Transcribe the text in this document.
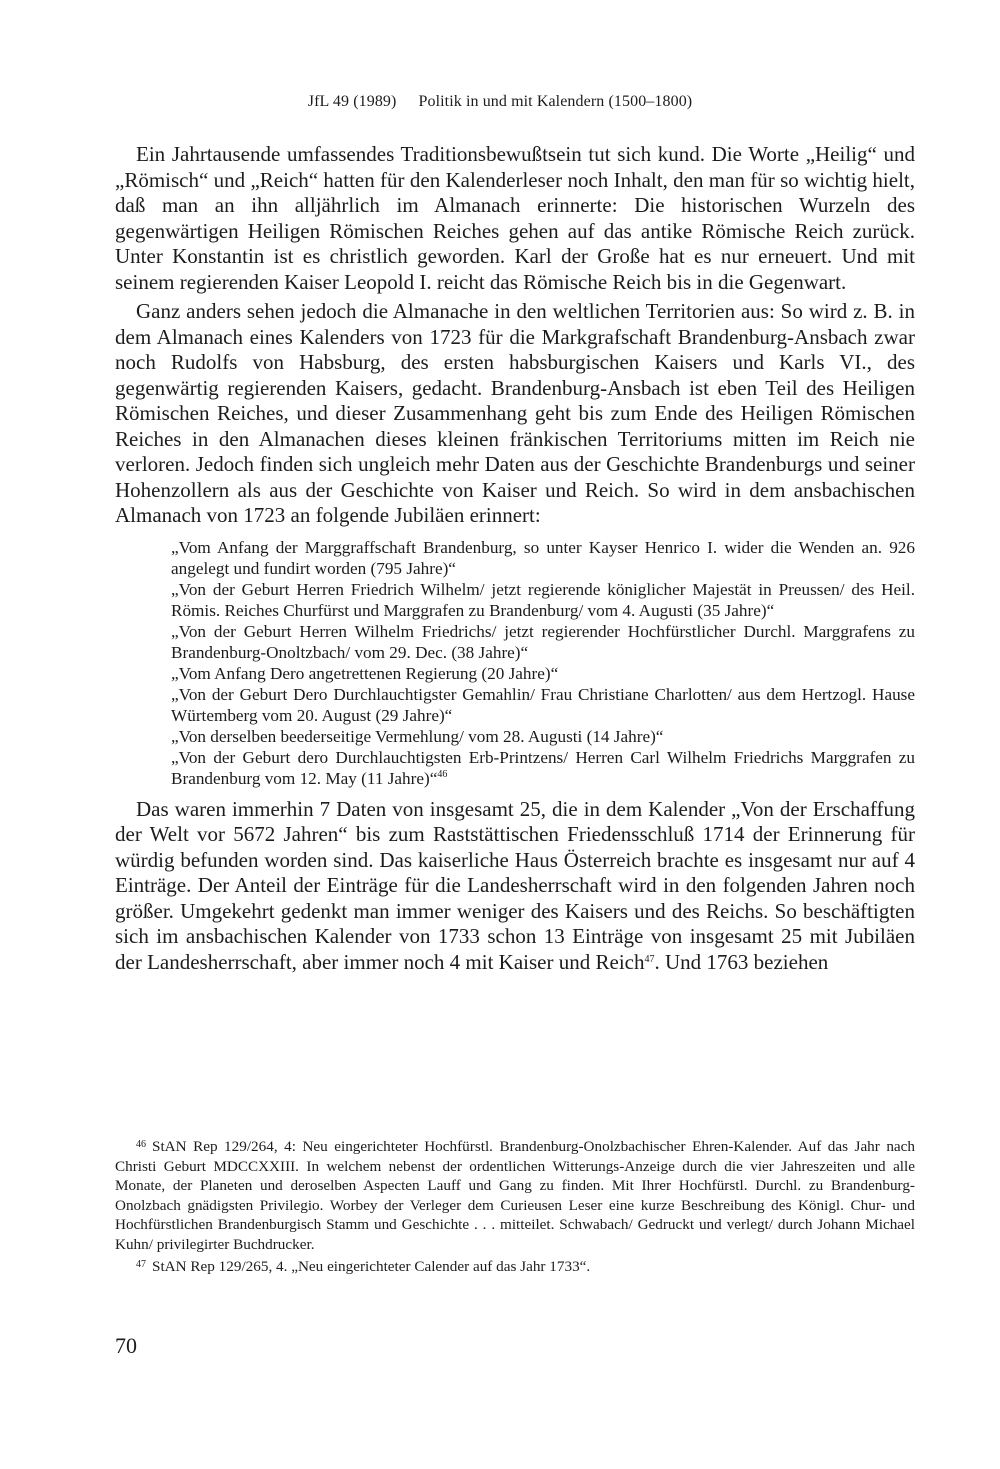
JfL 49 (1989) Politik in und mit Kalendern (1500–1800)

Ein Jahrtausende umfassendes Traditionsbewußtsein tut sich kund. Die Worte „Heilig“ und „Römisch“ und „Reich“ hatten für den Kalenderleser noch Inhalt, den man für so wichtig hielt, daß man an ihn alljährlich im Almanach erinnerte: Die historischen Wurzeln des gegenwärtigen Heiligen Römischen Reiches gehen auf das antike Römische Reich zurück. Unter Konstantin ist es christlich geworden. Karl der Große hat es nur erneuert. Und mit seinem regierenden Kaiser Leopold I. reicht das Römische Reich bis in die Gegenwart.

Ganz anders sehen jedoch die Almanache in den weltlichen Territorien aus: So wird z. B. in dem Almanach eines Kalenders von 1723 für die Markgrafschaft Brandenburg-Ansbach zwar noch Rudolfs von Habsburg, des ersten habsburgischen Kaisers und Karls VI., des gegenwärtig regierenden Kaisers, gedacht. Brandenburg-Ansbach ist eben Teil des Heiligen Römischen Reiches, und dieser Zusammenhang geht bis zum Ende des Heiligen Römischen Reiches in den Almanachen dieses kleinen fränkischen Territoriums mitten im Reich nie verloren. Jedoch finden sich ungleich mehr Daten aus der Geschichte Brandenburgs und seiner Hohenzollern als aus der Geschichte von Kaiser und Reich. So wird in dem ansbachischen Almanach von 1723 an folgende Jubiläen erinnert:

„Vom Anfang der Marggraffschaft Brandenburg, so unter Kayser Henrico I. wider die Wenden an. 926 angelegt und fundirt worden (795 Jahre)“

„Von der Geburt Herren Friedrich Wilhelm/ jetzt regierende königlicher Majestät in Preussen/ des Heil. Römis. Reiches Churfürst und Marggrafen zu Brandenburg/ vom 4. Augusti (35 Jahre)“

„Von der Geburt Herren Wilhelm Friedrichs/ jetzt regierender Hochfürstlicher Durchl. Marggrafens zu Brandenburg-Onoltzbach/ vom 29. Dec. (38 Jahre)“

„Vom Anfang Dero angetrettenen Regierung (20 Jahre)“

„Von der Geburt Dero Durchlauchtigster Gemahlin/ Frau Christiane Charlotten/ aus dem Hertzogl. Hause Würtemberg vom 20. August (29 Jahre)“

„Von derselben beederseitige Vermehlung/ vom 28. Augusti (14 Jahre)“

„Von der Geburt dero Durchlauchtigsten Erb-Printzens/ Herren Carl Wilhelm Friedrichs Marggrafen zu Brandenburg vom 12. May (11 Jahre)“$^{46}$

Das waren immerhin 7 Daten von insgesamt 25, die in dem Kalender „Von der Erschaffung der Welt vor 5672 Jahren“ bis zum Raststättischen Friedensschluß 1714 der Erinnerung für würdig befunden worden sind. Das kaiserliche Haus Österreich brachte es insgesamt nur auf 4 Einträge. Der Anteil der Einträge für die Landesherrschaft wird in den folgenden Jahren noch größer. Umgekehrt gedenkt man immer weniger des Kaisers und des Reichs. So beschäftigten sich im ansbachischen Kalender von 1733 schon 13 Einträge von insgesamt 25 mit Jubiläen der Landesherrschaft, aber immer noch 4 mit Kaiser und Reich$^{47}$. Und 1763 beziehen

$^{46}$ StAN Rep 129/264, 4: Neu eingerichteter Hochfürstl. Brandenburg-Onolzbachischer Ehren-Kalender. Auf das Jahr nach Christi Geburt MDCCXXIII. In welchem nebenst der ordentlichen Witterungs-Anzeige durch die vier Jahreszeiten und alle Monate, der Planeten und deroselben Aspecten Lauff und Gang zu finden. Mit Ihrer Hochfürstl. Durchl. zu Brandenburg-Onolzbach gnädigsten Privilegio. Worbey der Verleger dem Curieusen Leser eine kurze Beschreibung des Königl. Chur- und Hochfürstlichen Brandenburgisch Stamm und Geschichte . . . mitteilet. Schwabach/ Gedruckt und verlegt/ durch Johann Michael Kuhn/ privilegirter Buchdrucker.

$^{47}$ StAN Rep 129/265, 4. „Neu eingerichteter Calender auf das Jahr 1733“.

70
